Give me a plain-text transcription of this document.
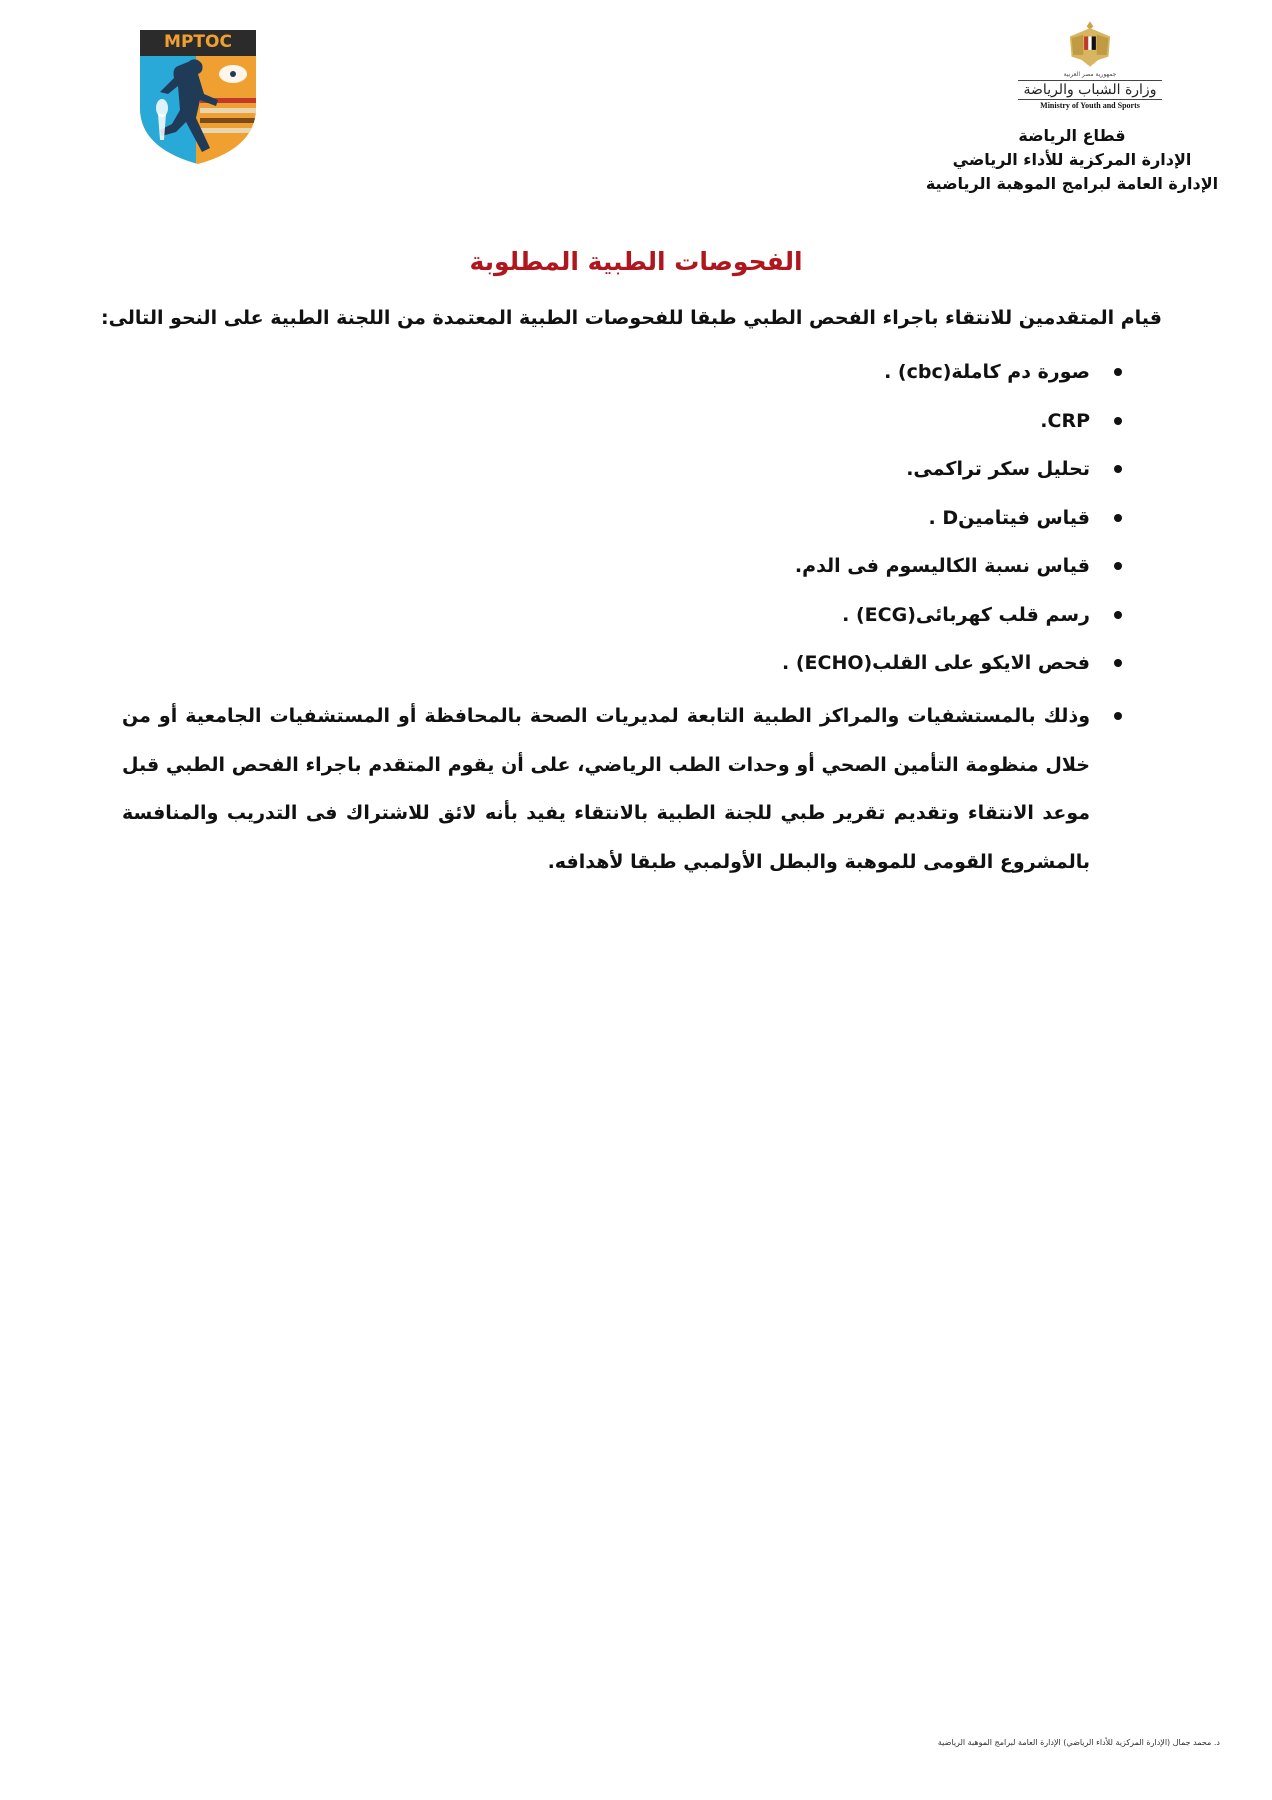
MPTOC
جمهورية مصر العربية
وزارة الشباب والرياضة
Ministry of Youth and Sports
قطاع الرياضة
الإدارة المركزية للأداء الرياضي
الإدارة العامة لبرامج الموهبة الرياضية
الفحوصات الطبية المطلوبة
قيام المتقدمين للانتقاء باجراء الفحص الطبي طبقا للفحوصات الطبية المعتمدة من اللجنة الطبية على النحو التالى:
صورة دم كاملة(cbc) .
CRP.
تحليل سكر تراكمى.
قياس فيتامينD .
قياس نسبة الكاليسوم فى الدم.
رسم قلب كهربائى(ECG) .
فحص الايكو على القلب(ECHO) .
وذلك بالمستشفيات والمراكز الطبية التابعة لمديريات الصحة بالمحافظة أو المستشفيات الجامعية أو من خلال منظومة التأمين الصحي أو وحدات الطب الرياضي، على أن يقوم المتقدم باجراء الفحص الطبي قبل موعد الانتقاء وتقديم تقرير طبي للجنة الطبية بالانتقاء يفيد بأنه لائق للاشتراك فى التدريب والمنافسة بالمشروع القومى للموهبة والبطل الأولمبي طبقا لأهدافه.
د. محمد جمال (الإدارة المركزية للأداء الرياضي) الإدارة العامة لبرامج الموهبة الرياضية
